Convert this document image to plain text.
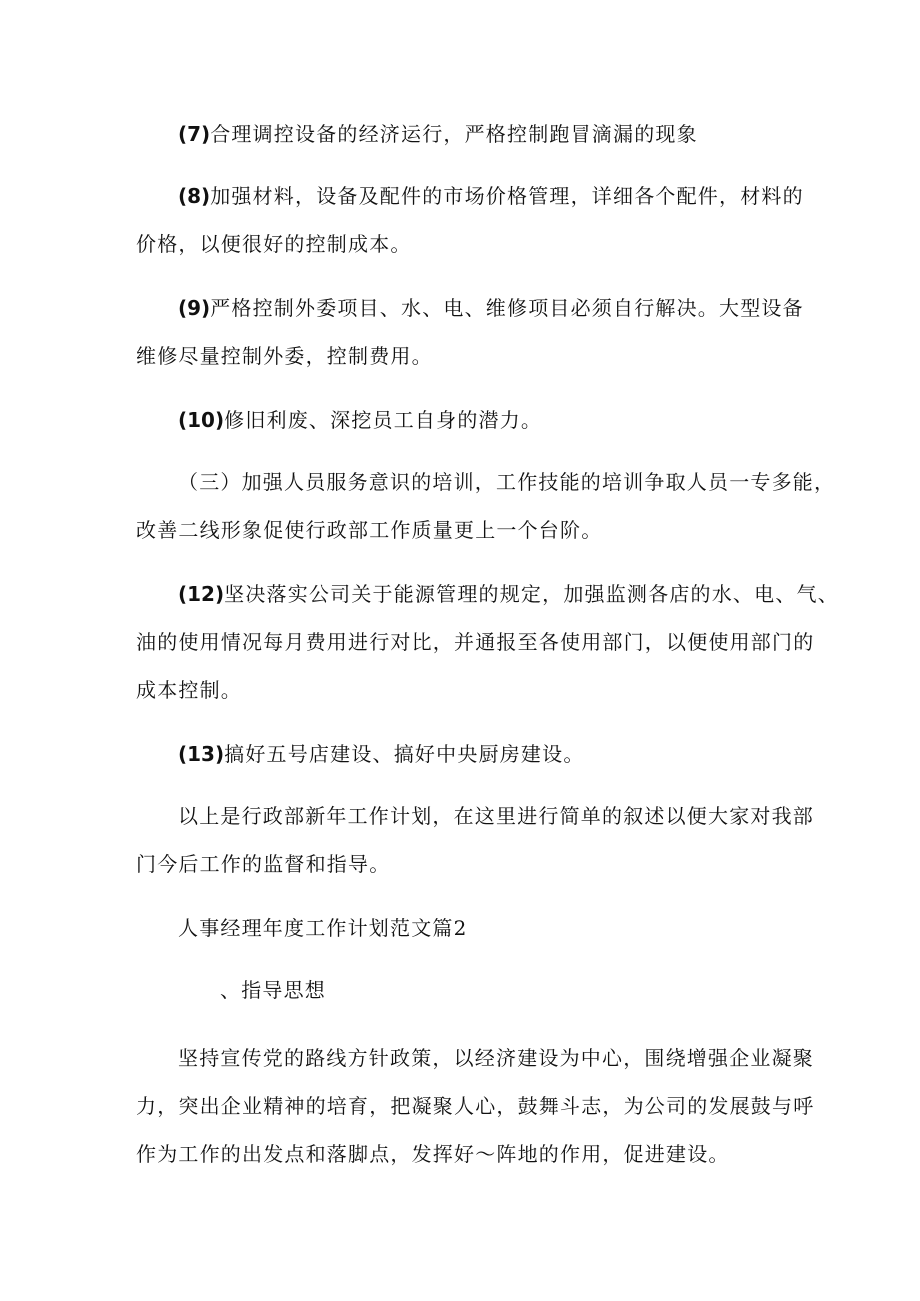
(7)合理调控设备的经济运行，严格控制跑冒滴漏的现象
(8)加强材料，设备及配件的市场价格管理，详细各个配件，材料的
价格，以便很好的控制成本。
(9)严格控制外委项目、水、电、维修项目必须自行解决。大型设备
维修尽量控制外委，控制费用。
(10)修旧利废、深挖员工自身的潜力。
（三）加强人员服务意识的培训，工作技能的培训争取人员一专多能，
改善二线形象促使行政部工作质量更上一个台阶。
(12)坚决落实公司关于能源管理的规定，加强监测各店的水、电、气、
油的使用情况每月费用进行对比，并通报至各使用部门，以便使用部门的
成本控制。
(13)搞好五号店建设、搞好中央厨房建设。
以上是行政部新年工作计划，在这里进行简单的叙述以便大家对我部
门今后工作的监督和指导。
人事经理年度工作计划范文篇2
、指导思想
坚持宣传党的路线方针政策，以经济建设为中心，围绕增强企业凝聚
力，突出企业精神的培育，把凝聚人心，鼓舞斗志，为公司的发展鼓与呼
作为工作的出发点和落脚点，发挥好〜阵地的作用，促进建设。
